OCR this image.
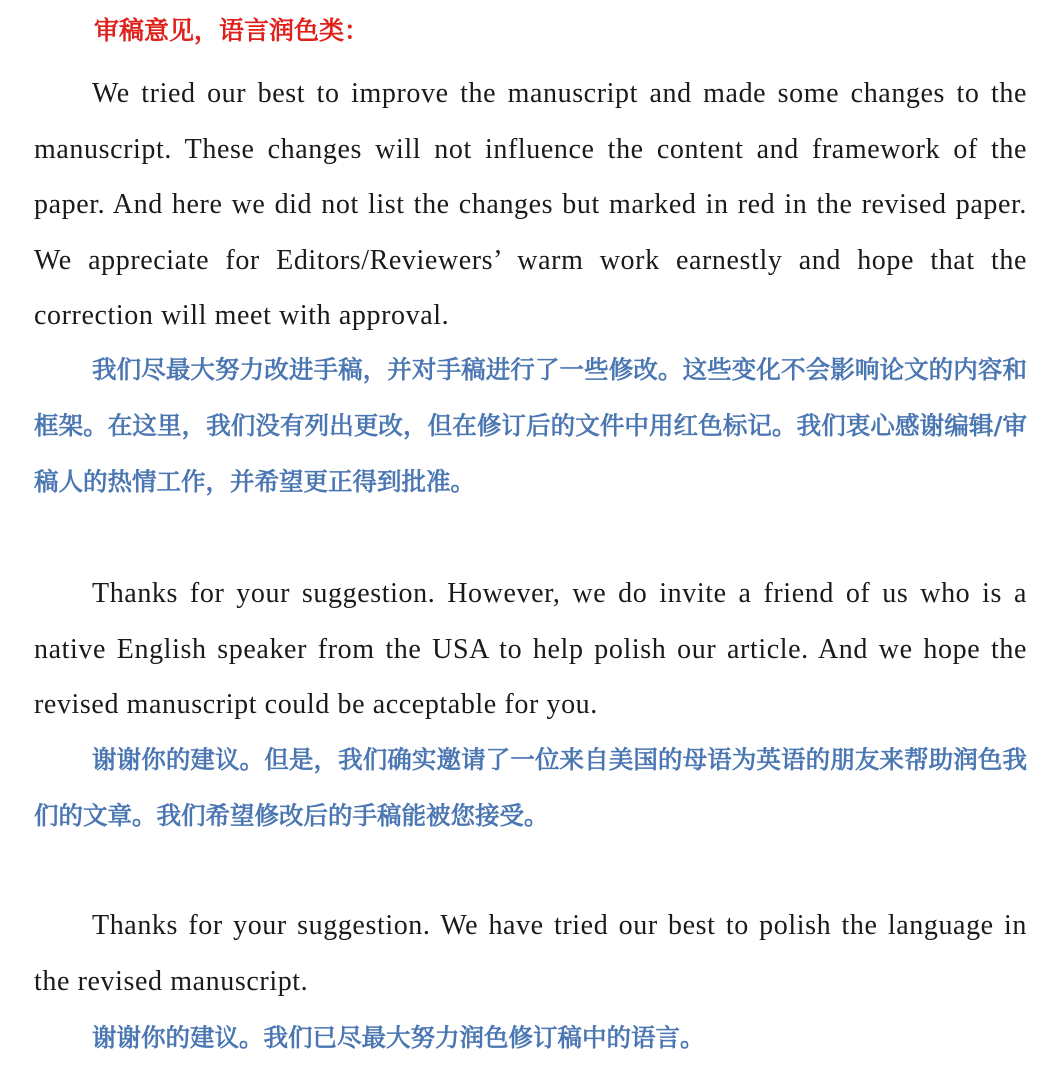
审稿意见，语言润色类：

We tried our best to improve the manuscript and made some changes to the manuscript. These changes will not influence the content and framework of the paper. And here we did not list the changes but marked in red in the revised paper. We appreciate for Editors/Reviewers’ warm work earnestly and hope that the correction will meet with approval.

我们尽最大努力改进手稿，并对手稿进行了一些修改。这些变化不会影响论文的内容和框架。在这里，我们没有列出更改，但在修订后的文件中用红色标记。我们衷心感谢编辑/审稿人的热情工作，并希望更正得到批准。

Thanks for your suggestion. However, we do invite a friend of us who is a native English speaker from the USA to help polish our article. And we hope the revised manuscript could be acceptable for you.

谢谢你的建议。但是，我们确实邀请了一位来自美国的母语为英语的朋友来帮助润色我们的文章。我们希望修改后的手稿能被您接受。

Thanks for your suggestion. We have tried our best to polish the language in the revised manuscript.

谢谢你的建议。我们已尽最大努力润色修订稿中的语言。
